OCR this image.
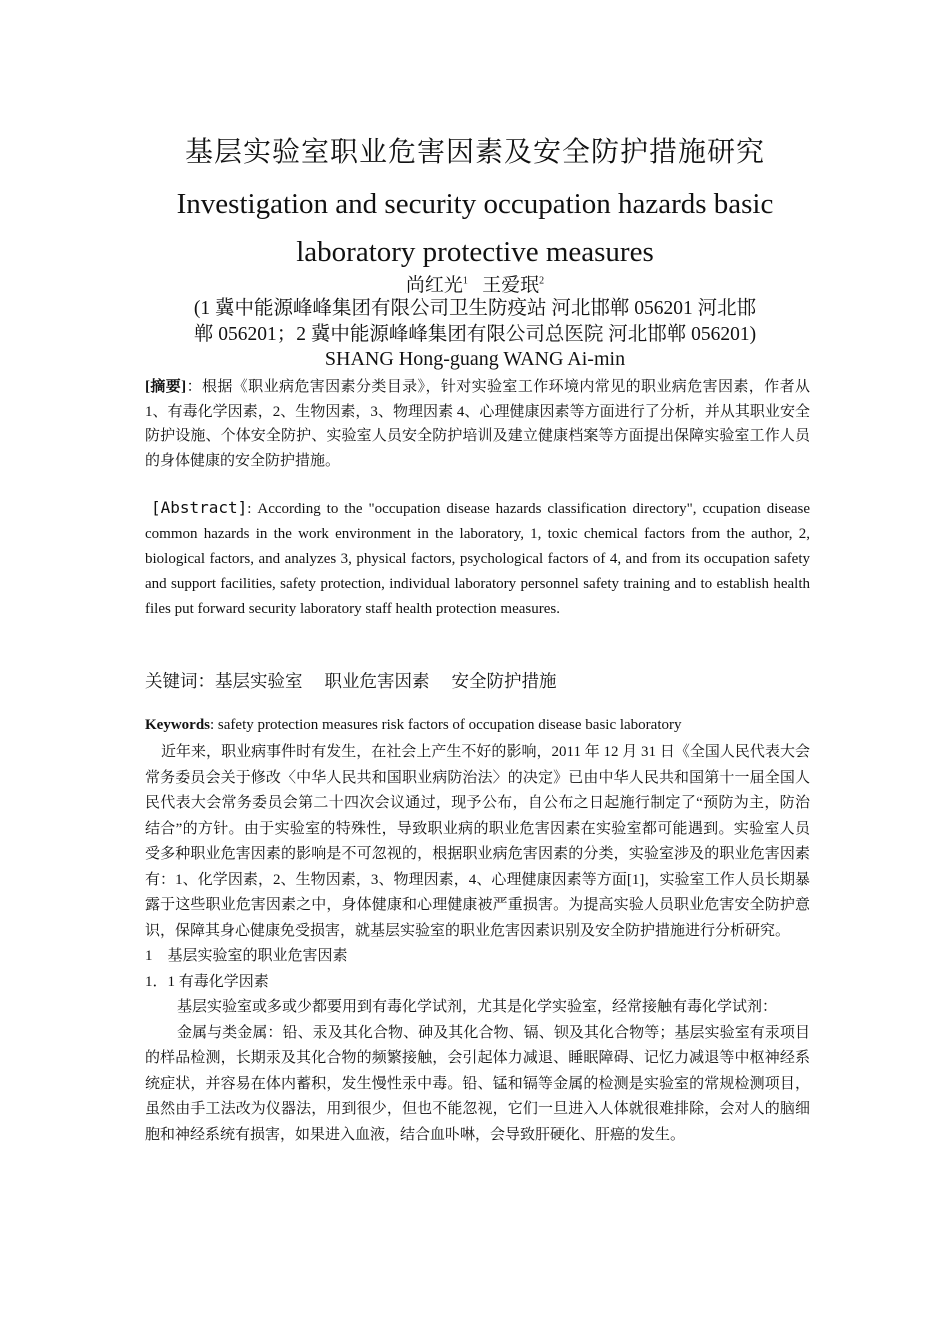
基层实验室职业危害因素及安全防护措施研究
Investigation and security occupation hazards basic
laboratory protective measures
尚红光$^1$ 王爱珉$^2$
(1 冀中能源峰峰集团有限公司卫生防疫站 河北邯郸 056201 河北邯
郸 056201；2 冀中能源峰峰集团有限公司总医院 河北邯郸 056201)
SHANG Hong-guang WANG Ai-min
[摘要]：根据《职业病危害因素分类目录》，针对实验室工作环境内常见的职业病危害因素，作者从 1、有毒化学因素，2、生物因素，3、物理因素 4、心理健康因素等方面进行了分析，并从其职业安全防护设施、个体安全防护、实验室人员安全防护培训及建立健康档案等方面提出保障实验室工作人员的身体健康的安全防护措施。
[Abstract]: According to the "occupation disease hazards classification directory", ccupation disease common hazards in the work environment in the laboratory, 1, toxic chemical factors from the author, 2, biological factors, and analyzes 3, physical factors, psychological factors of 4, and from its occupation safety and support facilities, safety protection, individual laboratory personnel safety training and to establish health files put forward security laboratory staff health protection measures.
关键词：基层实验室 职业危害因素 安全防护措施
Keywords: safety protection measures risk factors of occupation disease basic laboratory

近年来，职业病事件时有发生，在社会上产生不好的影响，2011 年 12 月 31 日《全国人民代表大会常务委员会关于修改〈中华人民共和国职业病防治法〉的决定》已由中华人民共和国第十一届全国人民代表大会常务委员会第二十四次会议通过，现予公布，自公布之日起施行制定了“预防为主，防治结合”的方针。由于实验室的特殊性，导致职业病的职业危害因素在实验室都可能遇到。实验室人员受多种职业危害因素的影响是不可忽视的，根据职业病危害因素的分类，实验室涉及的职业危害因素有：1、化学因素，2、生物因素，3、物理因素，4、心理健康因素等方面[1]，实验室工作人员长期暴露于这些职业危害因素之中，身体健康和心理健康被严重损害。为提高实验人员职业危害安全防护意识，保障其身心健康免受损害，就基层实验室的职业危害因素识别及安全防护措施进行分析研究。

1    基层实验室的职业危害因素

1．1 有毒化学因素

基层实验室或多或少都要用到有毒化学试剂，尤其是化学实验室，经常接触有毒化学试剂：

金属与类金属：铅、汞及其化合物、砷及其化合物、镉、钡及其化合物等；基层实验室有汞项目的样品检测，长期汞及其化合物的频繁接触，会引起体力减退、睡眠障碍、记忆力减退等中枢神经系统症状，并容易在体内蓄积，发生慢性汞中毒。铅、锰和镉等金属的检测是实验室的常规检测项目，虽然由手工法改为仪器法，用到很少，但也不能忽视，它们一旦进入人体就很难排除，会对人的脑细胞和神经系统有损害，如果进入血液，结合血卟啉，会导致肝硬化、肝癌的发生。
